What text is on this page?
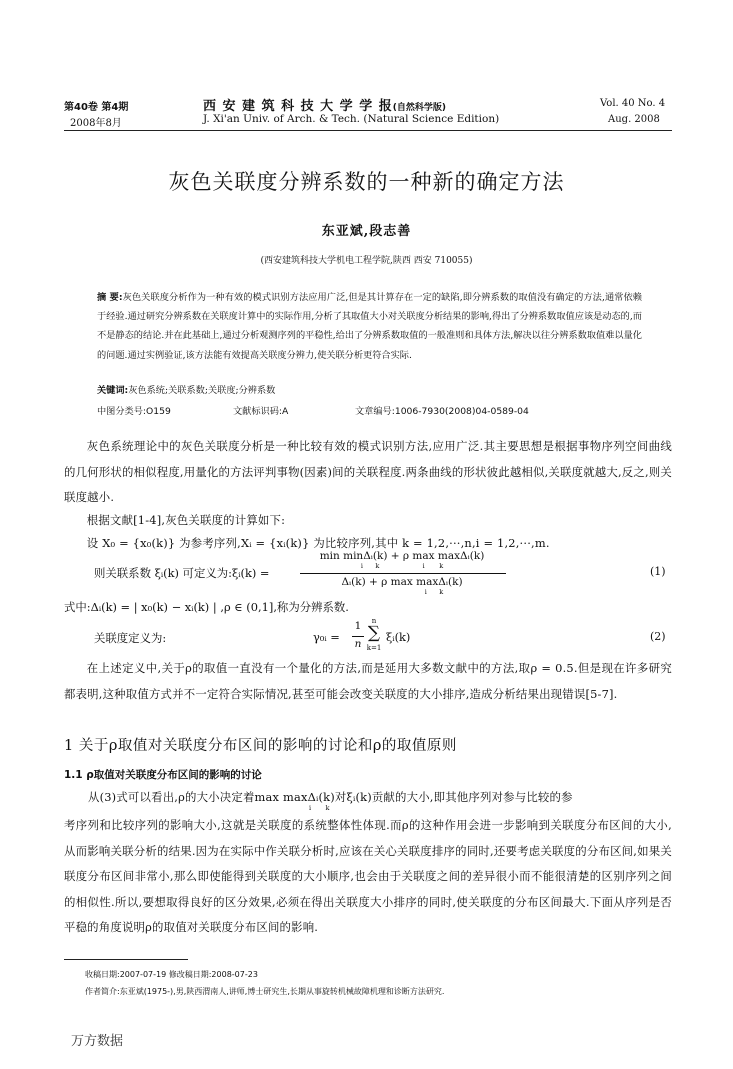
第40卷 第4期
2008年8月
西 安 建 筑 科 技 大 学 学 报(自然科学版)
J. Xi'an Univ. of Arch. & Tech. (Natural Science Edition)
Vol. 40 No. 4
Aug. 2008
灰色关联度分辨系数的一种新的确定方法
东亚斌,段志善
(西安建筑科技大学机电工程学院,陕西 西安 710055)
摘 要:灰色关联度分析作为一种有效的模式识别方法应用广泛,但是其计算存在一定的缺陷,即分辨系数的取值没有确定的方法,通常依赖于经验.通过研究分辨系数在关联度计算中的实际作用,分析了其取值大小对关联度分析结果的影响,得出了分辨系数取值应该是动态的,而不是静态的结论.并在此基础上,通过分析观测序列的平稳性,给出了分辨系数取值的一般准则和具体方法,解决以往分辨系数取值难以量化的问题.通过实例验证,该方法能有效提高关联度分辨力,使关联分析更符合实际.
关键词:灰色系统;关联系数;关联度;分辨系数
中图分类号:O159	文献标识码:A	文章编号:1006-7930(2008)04-0589-04
灰色系统理论中的灰色关联度分析是一种比较有效的模式识别方法,应用广泛.其主要思想是根据事物序列空间曲线的几何形状的相似程度,用量化的方法评判事物(因素)间的关联程度.两条曲线的形状彼此越相似,关联度就越大,反之,则关联度越小.
根据文献[1-4],灰色关联度的计算如下:
设 X₀ = {x₀(k)} 为参考序列,Xᵢ = {xᵢ(k)} 为比较序列,其中 k = 1,2,···,n,i = 1,2,···,m.
则关联系数 ξᵢ(k) 可定义为:ξᵢ(k) =
min minΔᵢ(k) + ρ max maxΔᵢ(k)
i      k                     i       k
Δᵢ(k) + ρ max maxΔᵢ(k)
i      k
(1)
式中:Δᵢ(k) = | x₀(k) − xᵢ(k) | ,ρ ∈ (0,1],称为分辨系数.
关联度定义为:	γ₀ᵢ =
1
n
n
∑
k=1
ξᵢ(k)	(2)
在上述定义中,关于ρ的取值一直没有一个量化的方法,而是延用大多数文献中的方法,取ρ = 0.5.但是现在许多研究都表明,这种取值方式并不一定符合实际情况,甚至可能会改变关联度的大小排序,造成分析结果出现错误[5-7].
1 关于ρ取值对关联度分布区间的影响的讨论和ρ的取值原则
1.1 ρ取值对关联度分布区间的影响的讨论
从(3)式可以看出,ρ的大小决定着max maxΔᵢ(k)对ξᵢ(k)贡献的大小,即其他序列对参与比较的参
i       k
考序列和比较序列的影响大小,这就是关联度的系统整体性体现.而ρ的这种作用会进一步影响到关联度分布区间的大小,从而影响关联分析的结果.因为在实际中作关联分析时,应该在关心关联度排序的同时,还要考虑关联度的分布区间,如果关联度分布区间非常小,那么即使能得到关联度的大小顺序,也会由于关联度之间的差异很小而不能很清楚的区别序列之间的相似性.所以,要想取得良好的区分效果,必须在得出关联度大小排序的同时,使关联度的分布区间最大.下面从序列是否平稳的角度说明ρ的取值对关联度分布区间的影响.
收稿日期:2007-07-19 修改稿日期:2008-07-23
作者简介:东亚斌(1975-),男,陕西渭南人,讲师,博士研究生,长期从事旋转机械故障机理和诊断方法研究.
万方数据
